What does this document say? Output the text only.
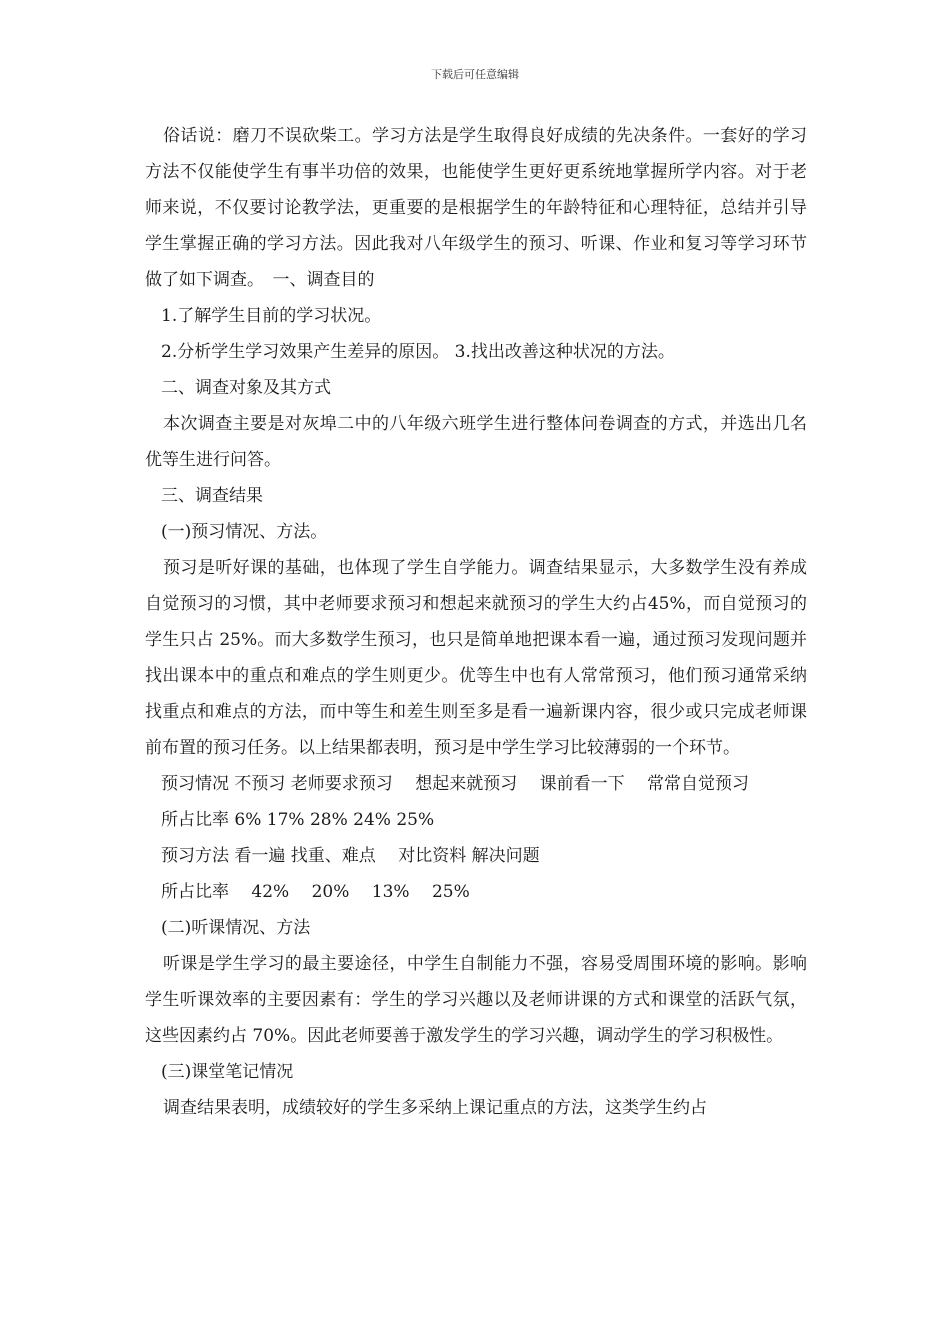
下载后可任意编辑

俗话说：磨刀不误砍柴工。学习方法是学生取得良好成绩的先决条件。一套好的学习方法不仅能使学生有事半功倍的效果，也能使学生更好更系统地掌握所学内容。对于老师来说，不仅要讨论教学法，更重要的是根据学生的年龄特征和心理特征，总结并引导学生掌握正确的学习方法。因此我对八年级学生的预习、听课、作业和复习等学习环节做了如下调查。　一、调查目的

1.了解学生目前的学习状况。

2.分析学生学习效果产生差异的原因。 3.找出改善这种状况的方法。

二、调查对象及其方式

本次调查主要是对灰埠二中的八年级六班学生进行整体问卷调查的方式，并选出几名优等生进行问答。

三、调查结果

(一)预习情况、方法。

预习是听好课的基础，也体现了学生自学能力。调查结果显示，大多数学生没有养成自觉预习的习惯，其中老师要求预习和想起来就预习的学生大约占45%，而自觉预习的学生只占 25%。而大多数学生预习，也只是简单地把课本看一遍，通过预习发现问题并找出课本中的重点和难点的学生则更少。优等生中也有人常常预习，他们预习通常采纳找重点和难点的方法，而中等生和差生则至多是看一遍新课内容，很少或只完成老师课前布置的预习任务。以上结果都表明，预习是中学生学习比较薄弱的一个环节。

预习情况 不预习 老师要求预习　 想起来就预习　 课前看一下　 常常自觉预习

所占比率 6% 17% 28% 24% 25%

预习方法 看一遍 找重、难点　 对比资料 解决问题

所占比率　 42%　 20%　 13%　 25%

(二)听课情况、方法

听课是学生学习的最主要途径，中学生自制能力不强，容易受周围环境的影响。影响学生听课效率的主要因素有：学生的学习兴趣以及老师讲课的方式和课堂的活跃气氛，这些因素约占 70%。因此老师要善于激发学生的学习兴趣，调动学生的学习积极性。

(三)课堂笔记情况

调查结果表明，成绩较好的学生多采纳上课记重点的方法，这类学生约占
